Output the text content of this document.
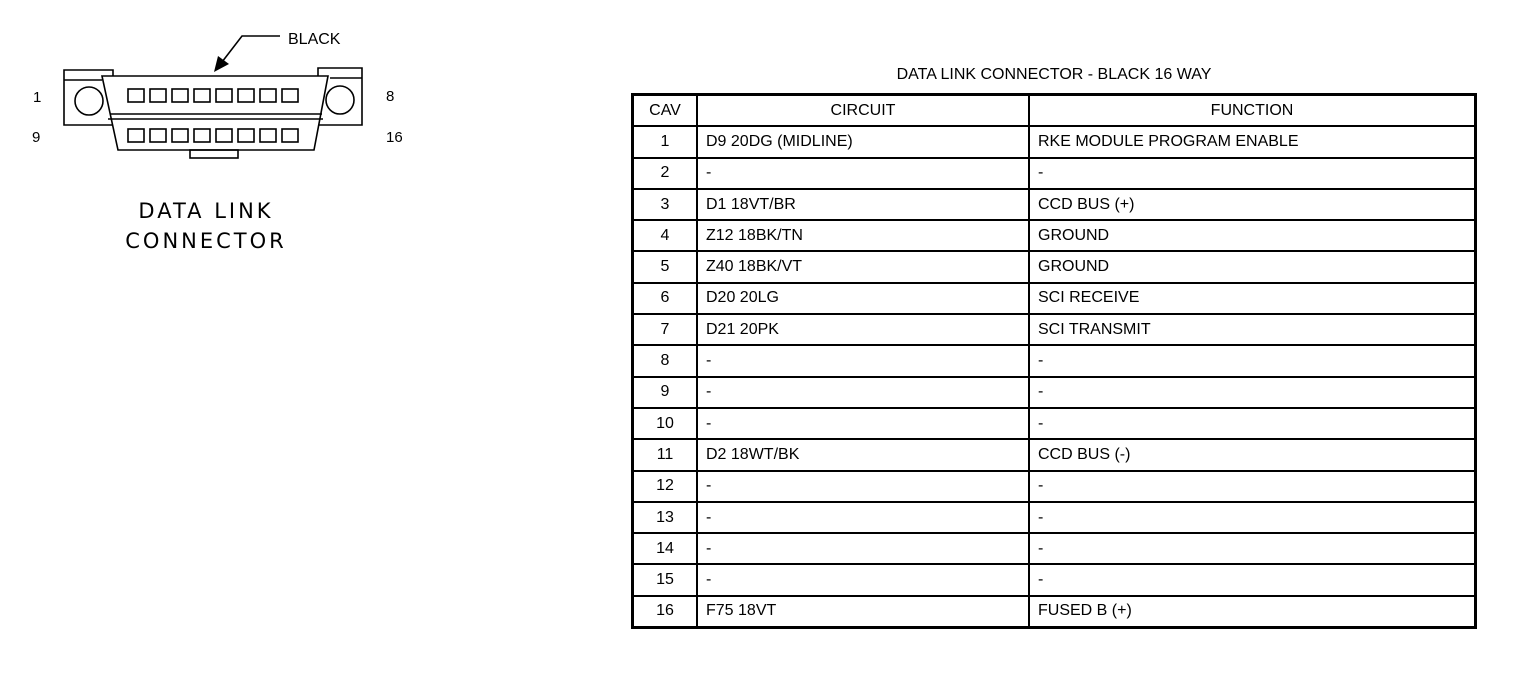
BLACK
1	8
9	16
DATA LINK
CONNECTOR
DATA LINK CONNECTOR - BLACK 16 WAY
CAV	CIRCUIT	FUNCTION
1	D9 20DG (MIDLINE)	RKE MODULE PROGRAM ENABLE
2	-	-
3	D1 18VT/BR	CCD BUS (+)
4	Z12 18BK/TN	GROUND
5	Z40 18BK/VT	GROUND
6	D20 20LG	SCI RECEIVE
7	D21 20PK	SCI TRANSMIT
8	-	-
9	-	-
10	-	-
11	D2 18WT/BK	CCD BUS (-)
12	-	-
13	-	-
14	-	-
15	-	-
16	F75 18VT	FUSED B (+)
